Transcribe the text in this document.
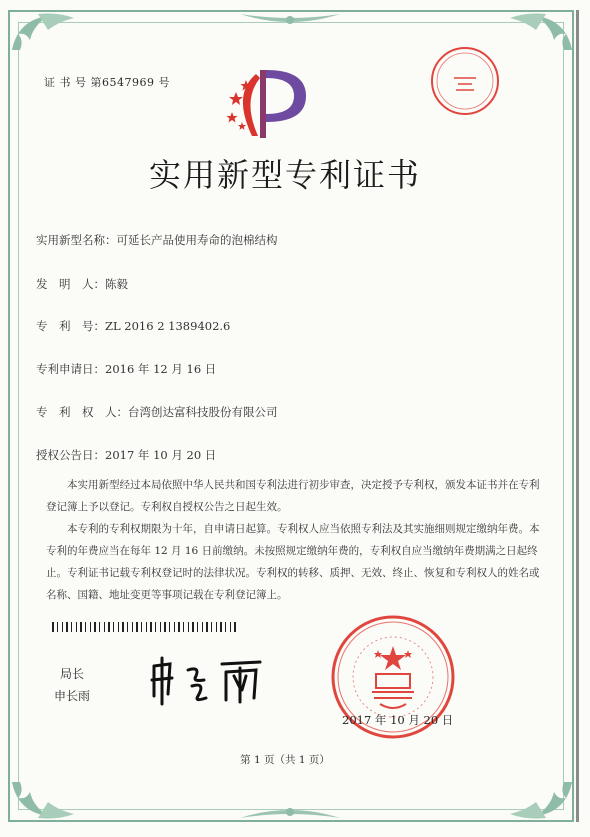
证 书 号 第6547969 号
实用新型专利证书
实用新型名称：可延长产品使用寿命的泡棉结构
发　明　人：陈毅
专　利　号：ZL 2016 2 1389402.6
专利申请日：2016 年 12 月 16 日
专　利　权　人：台湾创达富科技股份有限公司
授权公告日：2017 年 10 月 20 日

本实用新型经过本局依照中华人民共和国专利法进行初步审查，决定授予专利权，颁发本证书并在专利登记簿上予以登记。专利权自授权公告之日起生效。

本专利的专利权期限为十年，自申请日起算。专利权人应当依照专利法及其实施细则规定缴纳年费。本专利的年费应当在每年 12 月 16 日前缴纳。未按照规定缴纳年费的，专利权自应当缴纳年费期满之日起终止。 专利证书记载专利权登记时的法律状况。专利权的转移、质押、无效、终止、恢复和专利权人的姓名或名称、国籍、地址变更等事项记载在专利登记簿上。

局长
申长雨
2017 年 10 月 20 日
第 1 页（共 1 页）
